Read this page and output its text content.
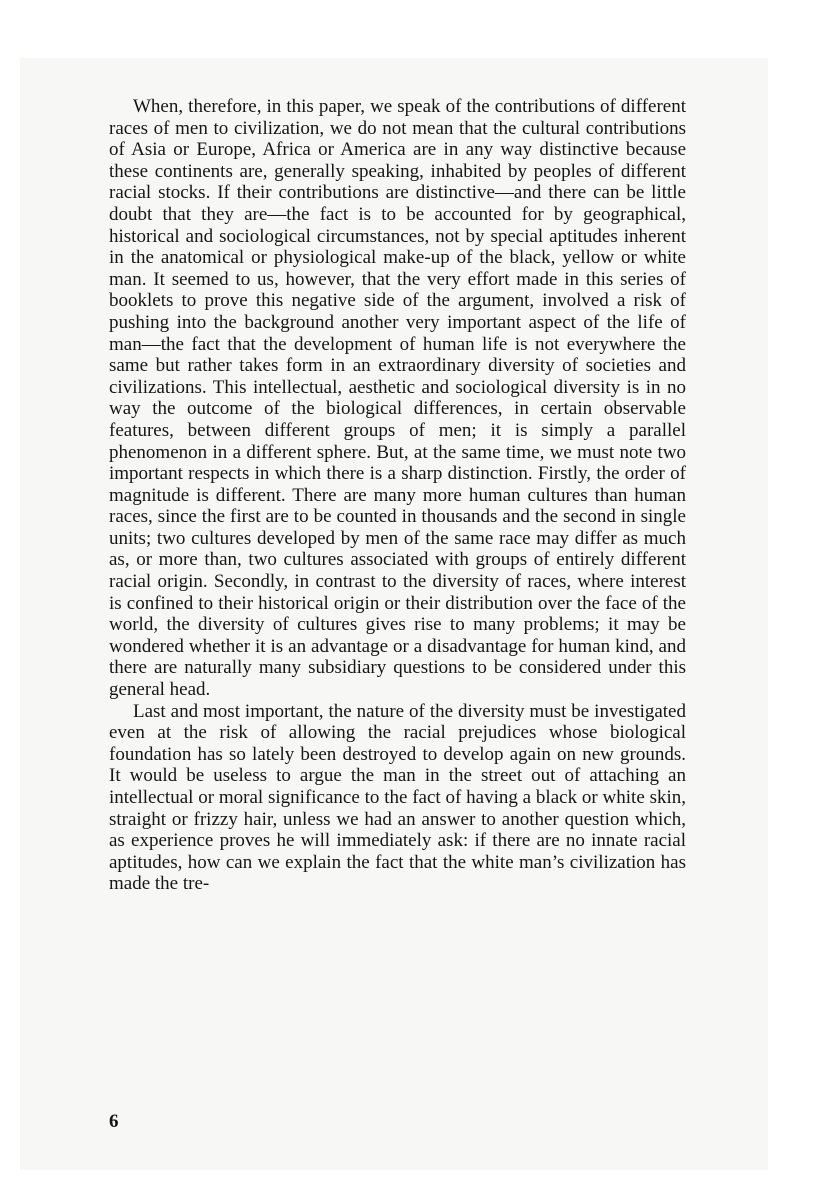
When, therefore, in this paper, we speak of the contributions of different races of men to civilization, we do not mean that the cultural contributions of Asia or Europe, Africa or America are in any way distinctive because these continents are, generally speaking, inhabited by peoples of different racial stocks. If their contributions are distinctive—and there can be little doubt that they are—the fact is to be accounted for by geographical, historical and sociological circumstances, not by special aptitudes inherent in the anatomical or physiological make-up of the black, yellow or white man. It seemed to us, however, that the very effort made in this series of booklets to prove this negative side of the argument, involved a risk of pushing into the background another very important aspect of the life of man—the fact that the development of human life is not everywhere the same but rather takes form in an extraordinary diversity of societies and civilizations. This intellectual, aesthetic and sociological diversity is in no way the outcome of the biological differences, in certain observable features, between different groups of men; it is simply a parallel phenomenon in a different sphere. But, at the same time, we must note two important respects in which there is a sharp distinction. Firstly, the order of magnitude is different. There are many more human cultures than human races, since the first are to be counted in thousands and the second in single units; two cultures developed by men of the same race may differ as much as, or more than, two cultures associated with groups of entirely different racial origin. Secondly, in contrast to the diversity of races, where interest is confined to their historical origin or their distribution over the face of the world, the diversity of cultures gives rise to many problems; it may be wondered whether it is an advantage or a disadvantage for human kind, and there are naturally many subsidiary questions to be considered under this general head.

Last and most important, the nature of the diversity must be investigated even at the risk of allowing the racial prejudices whose biological foundation has so lately been destroyed to develop again on new grounds. It would be useless to argue the man in the street out of attaching an intellectual or moral significance to the fact of having a black or white skin, straight or frizzy hair, unless we had an answer to another question which, as experience proves he will immediately ask: if there are no innate racial aptitudes, how can we explain the fact that the white man’s civilization has made the tre-

6
